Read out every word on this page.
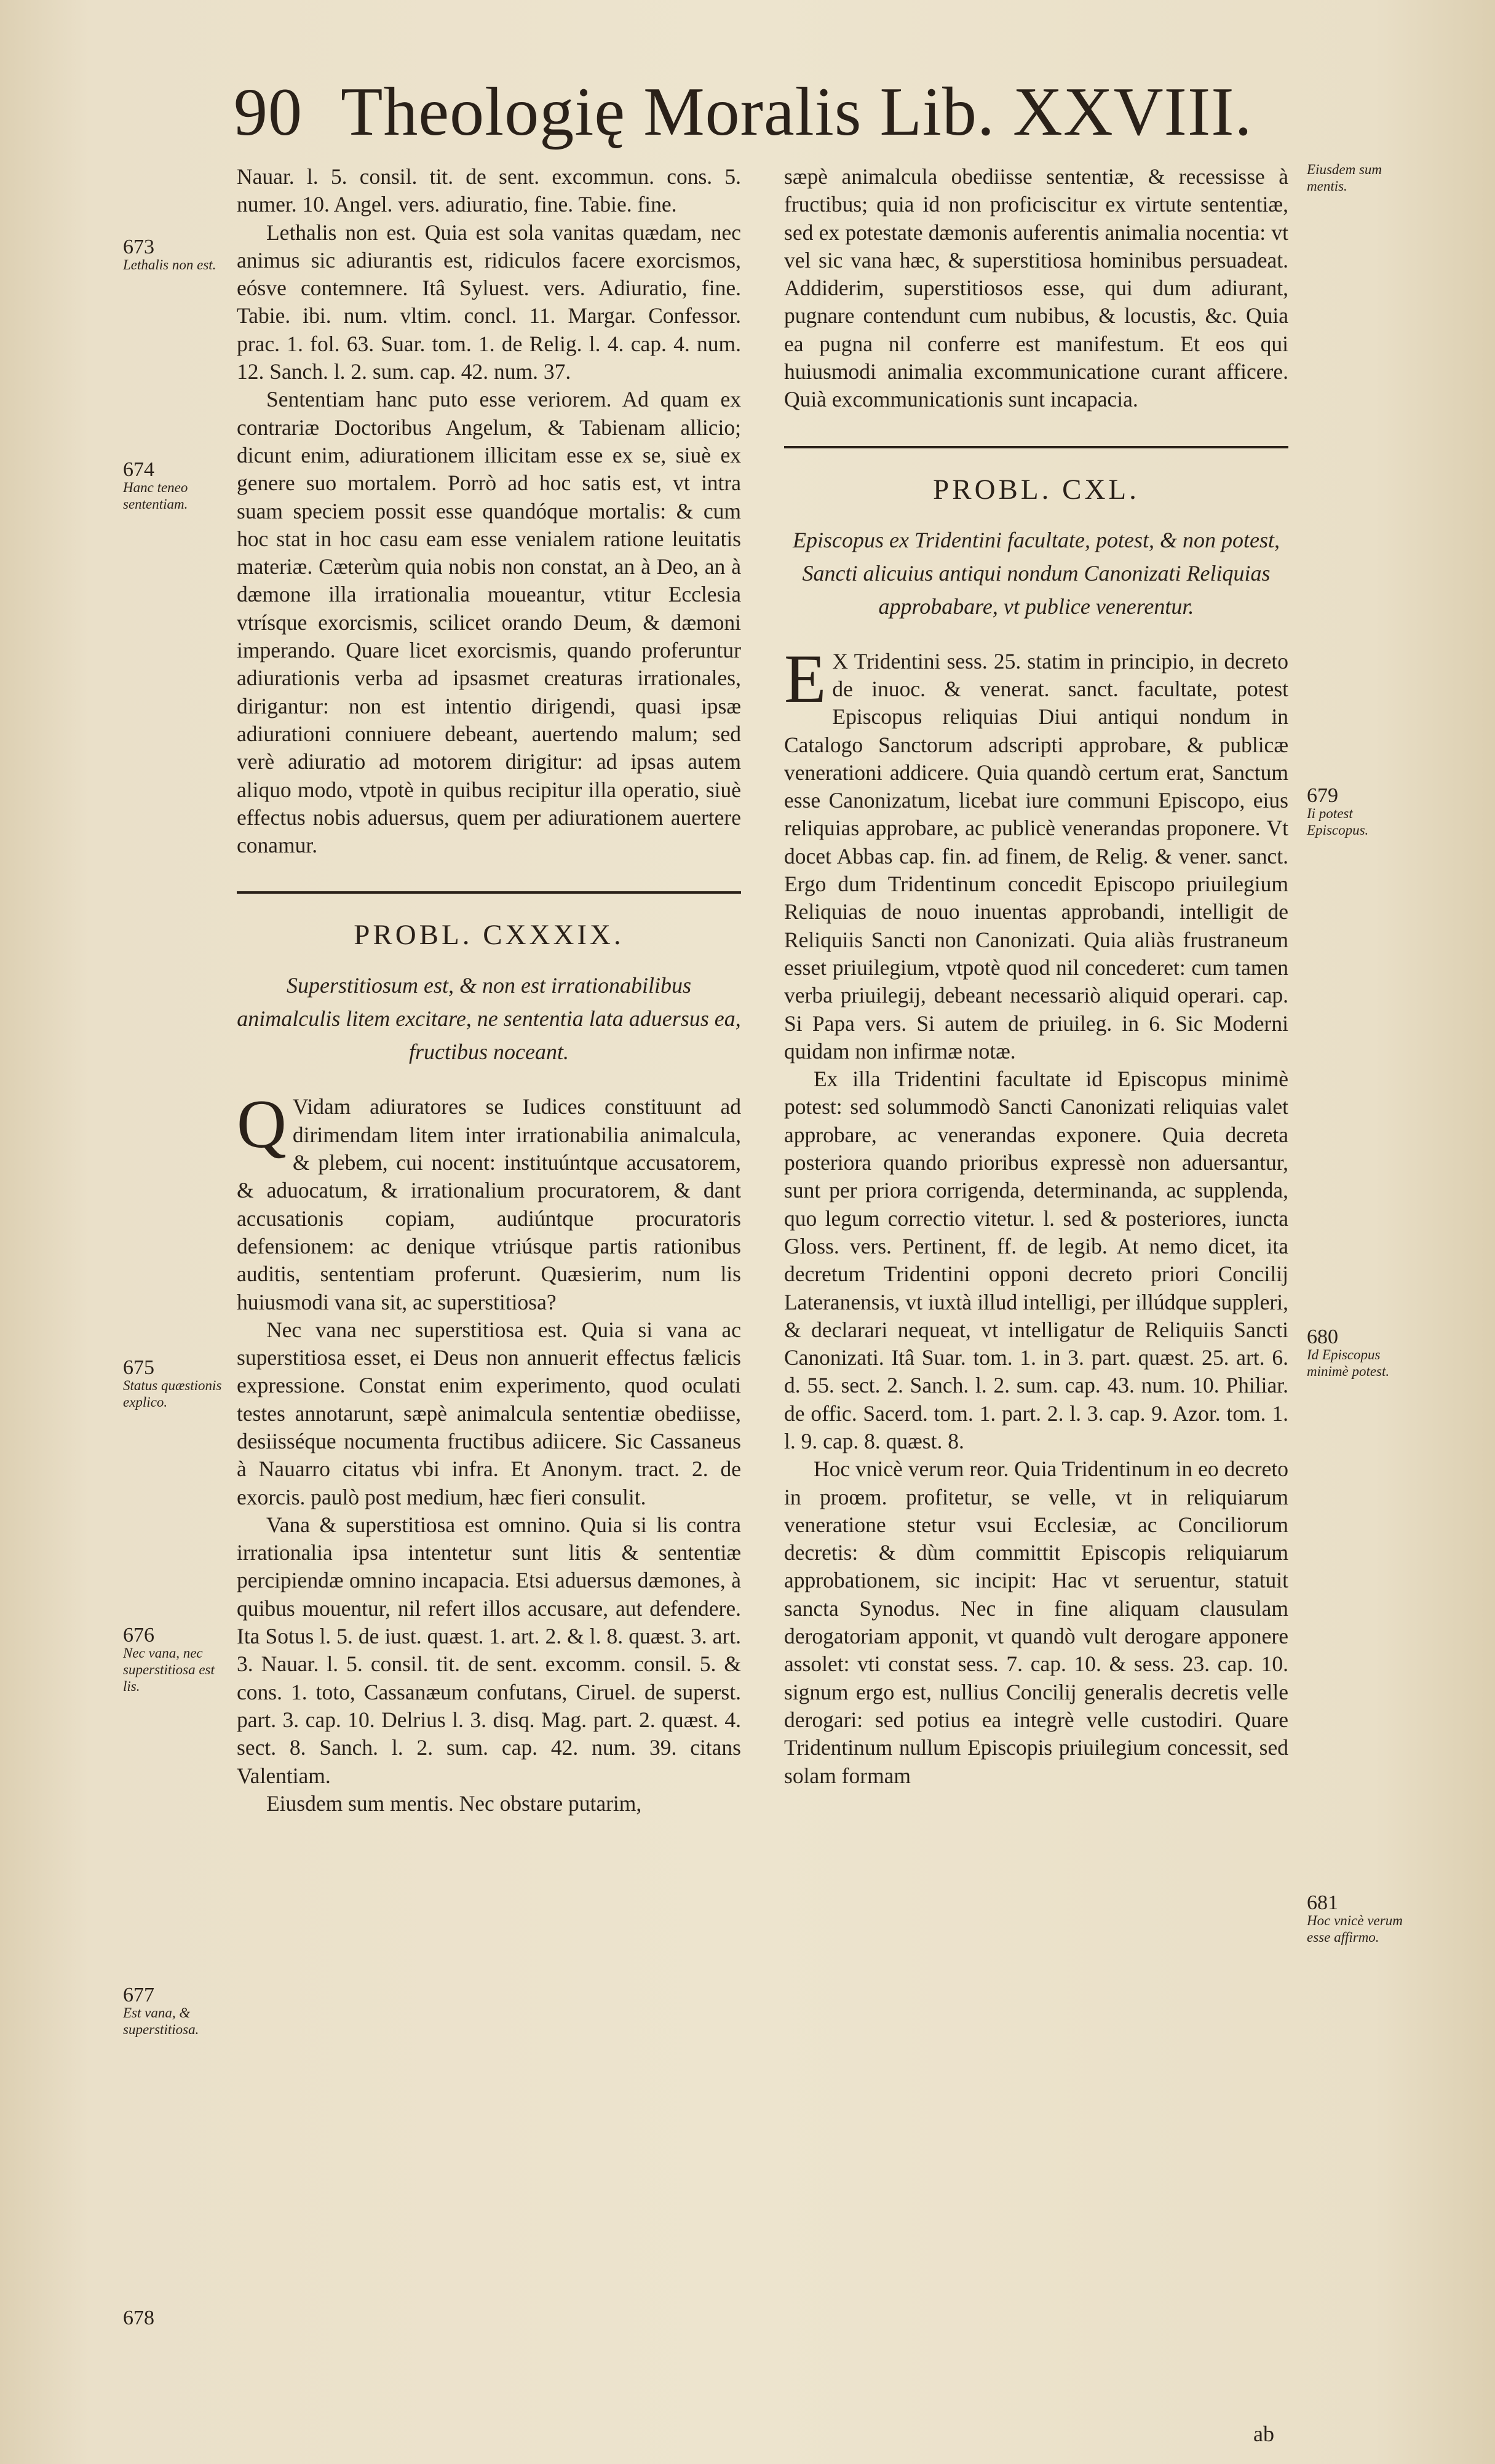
90 Theologię Moralis Lib. XXVIII.
673
Lethalis non est.
674
Hanc teneo sententiam.
675
Status quæstionis explico.
676
Nec vana, nec superstitiosa est lis.
677
Est vana, & superstitiosa.
678
Eiusdem sum mentis.
679
Ii potest Episcopus.
680
Id Episcopus minimè potest.
681
Hoc vnicè verum esse affirmo.

Nauar. l. 5. consil. tit. de sent. excommun. cons. 5. numer. 10. Angel. vers. adiuratio, fine. Tabie. fine.

Lethalis non est. Quia est sola vanitas quædam, nec animus sic adiurantis est, ridiculos facere exorcismos, eósve contemnere. Itâ Syluest. vers. Adiuratio, fine. Tabie. ibi. num. vltim. concl. 11. Margar. Confessor. prac. 1. fol. 63. Suar. tom. 1. de Relig. l. 4. cap. 4. num. 12. Sanch. l. 2. sum. cap. 42. num. 37.

Sententiam hanc puto esse veriorem. Ad quam ex contrariæ Doctoribus Angelum, & Tabienam allicio; dicunt enim, adiurationem illicitam esse ex se, siuè ex genere suo mortalem. Porrò ad hoc satis est, vt intra suam speciem possit esse quandóque mortalis: & cum hoc stat in hoc casu eam esse venialem ratione leuitatis materiæ. Cæterùm quia nobis non constat, an à Deo, an à dæmone illa irrationalia moueantur, vtitur Ecclesia vtrísque exorcismis, scilicet orando Deum, & dæmoni imperando. Quare licet exorcismis, quando proferuntur adiurationis verba ad ipsasmet creaturas irrationales, dirigantur: non est intentio dirigendi, quasi ipsæ adiurationi conniuere debeant, auertendo malum; sed verè adiuratio ad motorem dirigitur: ad ipsas autem aliquo modo, vtpotè in quibus recipitur illa operatio, siuè effectus nobis aduersus, quem per adiurationem auertere conamur.

PROBL. CXXXIX.
Superstitiosum est, & non est irrationabilibus animalculis litem excitare, ne sententia lata aduersus ea, fructibus noceant.

QVidam adiuratores se Iudices constituunt ad dirimendam litem inter irrationabilia animalcula, & plebem, cui nocent: instituúntque accusatorem, & aduocatum, & irrationalium procuratorem, & dant accusationis copiam, audiúntque procuratoris defensionem: ac denique vtriúsque partis rationibus auditis, sententiam proferunt. Quæsierim, num lis huiusmodi vana sit, ac superstitiosa?

Nec vana nec superstitiosa est. Quia si vana ac superstitiosa esset, ei Deus non annuerit effectus fælicis expressione. Constat enim experimento, quod oculati testes annotarunt, sæpè animalcula sententiæ obediisse, desiisséque nocumenta fructibus adiicere. Sic Cassaneus à Nauarro citatus vbi infra. Et Anonym. tract. 2. de exorcis. paulò post medium, hæc fieri consulit.

Vana & superstitiosa est omnino. Quia si lis contra irrationalia ipsa intentetur sunt litis & sententiæ percipiendæ omnino incapacia. Etsi aduersus dæmones, à quibus mouentur, nil refert illos accusare, aut defendere. Ita Sotus l. 5. de iust. quæst. 1. art. 2. & l. 8. quæst. 3. art. 3. Nauar. l. 5. consil. tit. de sent. excomm. consil. 5. & cons. 1. toto, Cassanæum confutans, Ciruel. de superst. part. 3. cap. 10. Delrius l. 3. disq. Mag. part. 2. quæst. 4. sect. 8. Sanch. l. 2. sum. cap. 42. num. 39. citans Valentiam.

Eiusdem sum mentis. Nec obstare putarim,

sæpè animalcula obediisse sententiæ, & recessisse à fructibus; quia id non proficiscitur ex virtute sententiæ, sed ex potestate dæmonis auferentis animalia nocentia: vt vel sic vana hæc, & superstitiosa hominibus persuadeat. Addiderim, superstitiosos esse, qui dum adiurant, pugnare contendunt cum nubibus, & locustis, &c. Quia ea pugna nil conferre est manifestum. Et eos qui huiusmodi animalia excommunicatione curant afficere. Quià excommunicationis sunt incapacia.

PROBL. CXL.
Episcopus ex Tridentini facultate, potest, & non potest, Sancti alicuius antiqui nondum Canonizati Reliquias approbabare, vt publice venerentur.

EX Tridentini sess. 25. statim in principio, in decreto de inuoc. & venerat. sanct. facultate, potest Episcopus reliquias Diui antiqui nondum in Catalogo Sanctorum adscripti approbare, & publicæ venerationi addicere. Quia quandò certum erat, Sanctum esse Canonizatum, licebat iure communi Episcopo, eius reliquias approbare, ac publicè venerandas proponere. Vt docet Abbas cap. fin. ad finem, de Relig. & vener. sanct. Ergo dum Tridentinum concedit Episcopo priuilegium Reliquias de nouo inuentas approbandi, intelligit de Reliquiis Sancti non Canonizati. Quia aliàs frustraneum esset priuilegium, vtpotè quod nil concederet: cum tamen verba priuilegij, debeant necessariò aliquid operari. cap. Si Papa vers. Si autem de priuileg. in 6. Sic Moderni quidam non infirmæ notæ.

Ex illa Tridentini facultate id Episcopus minimè potest: sed solummodò Sancti Canonizati reliquias valet approbare, ac venerandas exponere. Quia decreta posteriora quando prioribus expressè non aduersantur, sunt per priora corrigenda, determinanda, ac supplenda, quo legum correctio vitetur. l. sed & posteriores, iuncta Gloss. vers. Pertinent, ff. de legib. At nemo dicet, ita decretum Tridentini opponi decreto priori Concilij Lateranensis, vt iuxtà illud intelligi, per illúdque suppleri, & declarari nequeat, vt intelligatur de Reliquiis Sancti Canonizati. Itâ Suar. tom. 1. in 3. part. quæst. 25. art. 6. d. 55. sect. 2. Sanch. l. 2. sum. cap. 43. num. 10. Philiar. de offic. Sacerd. tom. 1. part. 2. l. 3. cap. 9. Azor. tom. 1. l. 9. cap. 8. quæst. 8.

Hoc vnicè verum reor. Quia Tridentinum in eo decreto in proœm. profitetur, se velle, vt in reliquiarum veneratione stetur vsui Ecclesiæ, ac Conciliorum decretis: & dùm committit Episcopis reliquiarum approbationem, sic incipit: Hac vt seruentur, statuit sancta Synodus. Nec in fine aliquam clausulam derogatoriam apponit, vt quandò vult derogare apponere assolet: vti constat sess. 7. cap. 10. & sess. 23. cap. 10. signum ergo est, nullius Concilij generalis decretis velle derogari: sed potius ea integrè velle custodiri. Quare Tridentinum nullum Episcopis priuilegium concessit, sed solam formam

ab
